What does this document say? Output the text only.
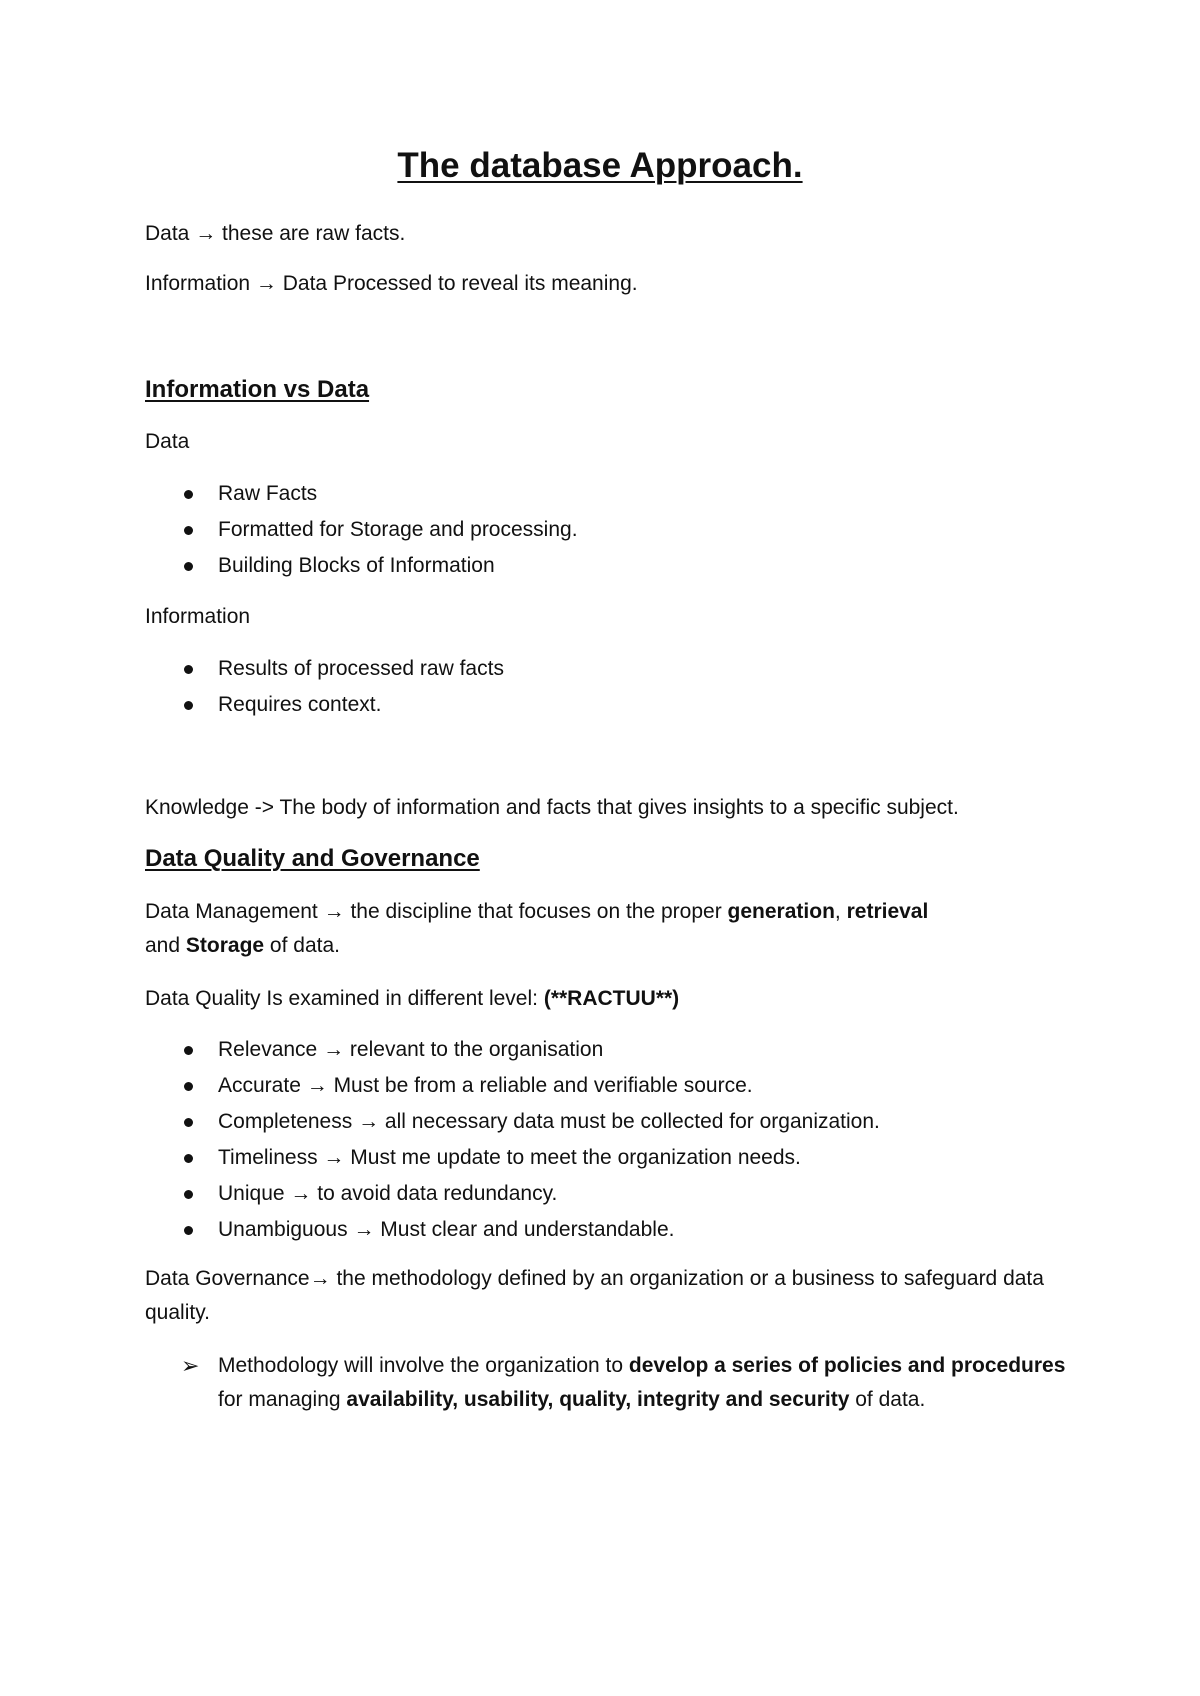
The database Approach.

Data → these are raw facts.

Information → Data Processed to reveal its meaning.

Information vs Data

Data

Raw Facts

Formatted for Storage and processing.

Building Blocks of Information

Information

Results of processed raw facts

Requires context.

Knowledge -> The body of information and facts that gives insights to a specific subject.

Data Quality and Governance

Data Management → the discipline that focuses on the proper generation, retrieval
and Storage of data.

Data Quality Is examined in different level: (**RACTUU**)

Relevance → relevant to the organisation

Accurate → Must be from a reliable and verifiable source.

Completeness → all necessary data must be collected for organization.

Timeliness → Must me update to meet the organization needs.

Unique → to avoid data redundancy.

Unambiguous → Must clear and understandable.

Data Governance→ the methodology defined by an organization or a business to safeguard data quality.

➢ Methodology will involve the organization to develop a series of policies and procedures for managing availability, usability, quality, integrity and security of data.
